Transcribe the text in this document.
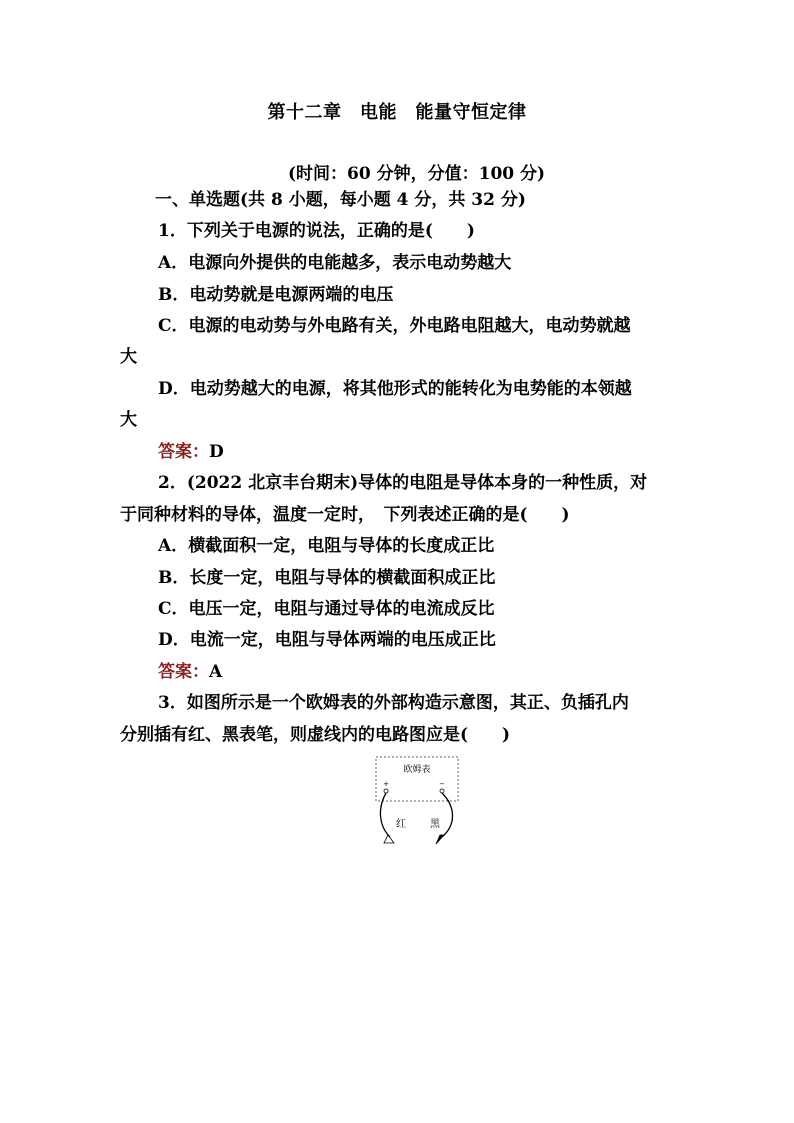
第十二章　电能　能量守恒定律
(时间：60 分钟，分值：100 分)
一、单选题(共 8 小题，每小题 4 分，共 32 分)
1．下列关于电源的说法，正确的是( )
A．电源向外提供的电能越多，表示电动势越大
B．电动势就是电源两端的电压
C．电源的电动势与外电路有关，外电路电阻越大，电动势就越
大
D．电动势越大的电源，将其他形式的能转化为电势能的本领越
大
答案：D
2．(2022 北京丰台期末)导体的电阻是导体本身的一种性质，对
于同种材料的导体，温度一定时，　下列表述正确的是( )
A．横截面积一定，电阻与导体的长度成正比
B．长度一定，电阻与导体的横截面积成正比
C．电压一定，电阻与通过导体的电流成反比
D．电流一定，电阻与导体两端的电压成正比
答案：A
3．如图所示是一个欧姆表的外部构造示意图，其正、负插孔内
分别插有红、黑表笔，则虚线内的电路图应是( )
欧姆表
+	−
红 黑
